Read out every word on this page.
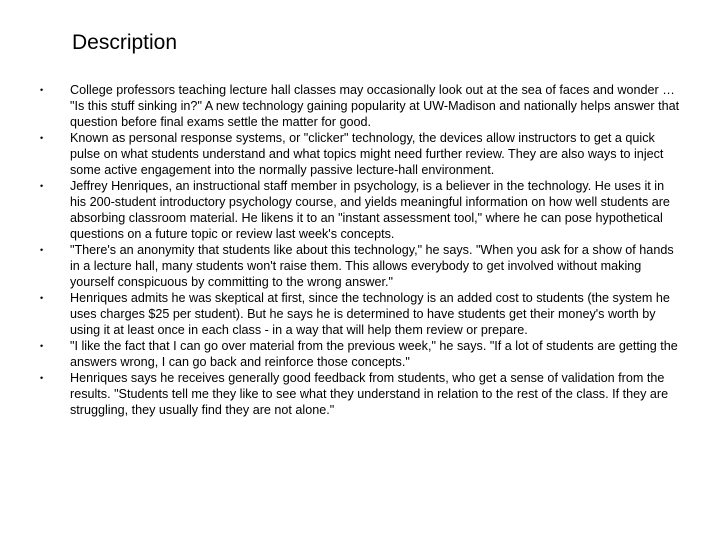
Description
•	College professors teaching lecture hall classes may occasionally look out at the sea of faces and wonder … "Is this stuff sinking in?" A new technology gaining popularity at UW-Madison and nationally helps answer that question before final exams settle the matter for good.
•	Known as personal response systems, or "clicker" technology, the devices allow instructors to get a quick pulse on what students understand and what topics might need further review. They are also ways to inject some active engagement into the normally passive lecture-hall environment.
•	Jeffrey Henriques, an instructional staff member in psychology, is a believer in the technology. He uses it in his 200-student introductory psychology course, and yields meaningful information on how well students are absorbing classroom material. He likens it to an "instant assessment tool," where he can pose hypothetical questions on a future topic or review last week's concepts.
•	"There's an anonymity that students like about this technology," he says. "When you ask for a show of hands in a lecture hall, many students won't raise them. This allows everybody to get involved without making yourself conspicuous by committing to the wrong answer."
•	Henriques admits he was skeptical at first, since the technology is an added cost to students (the system he uses charges $25 per student). But he says he is determined to have students get their money's worth by using it at least once in each class - in a way that will help them review or prepare.
•	"I like the fact that I can go over material from the previous week," he says. "If a lot of students are getting the answers wrong, I can go back and reinforce those concepts."
•	Henriques says he receives generally good feedback from students, who get a sense of validation from the results. "Students tell me they like to see what they understand in relation to the rest of the class. If they are struggling, they usually find they are not alone."
